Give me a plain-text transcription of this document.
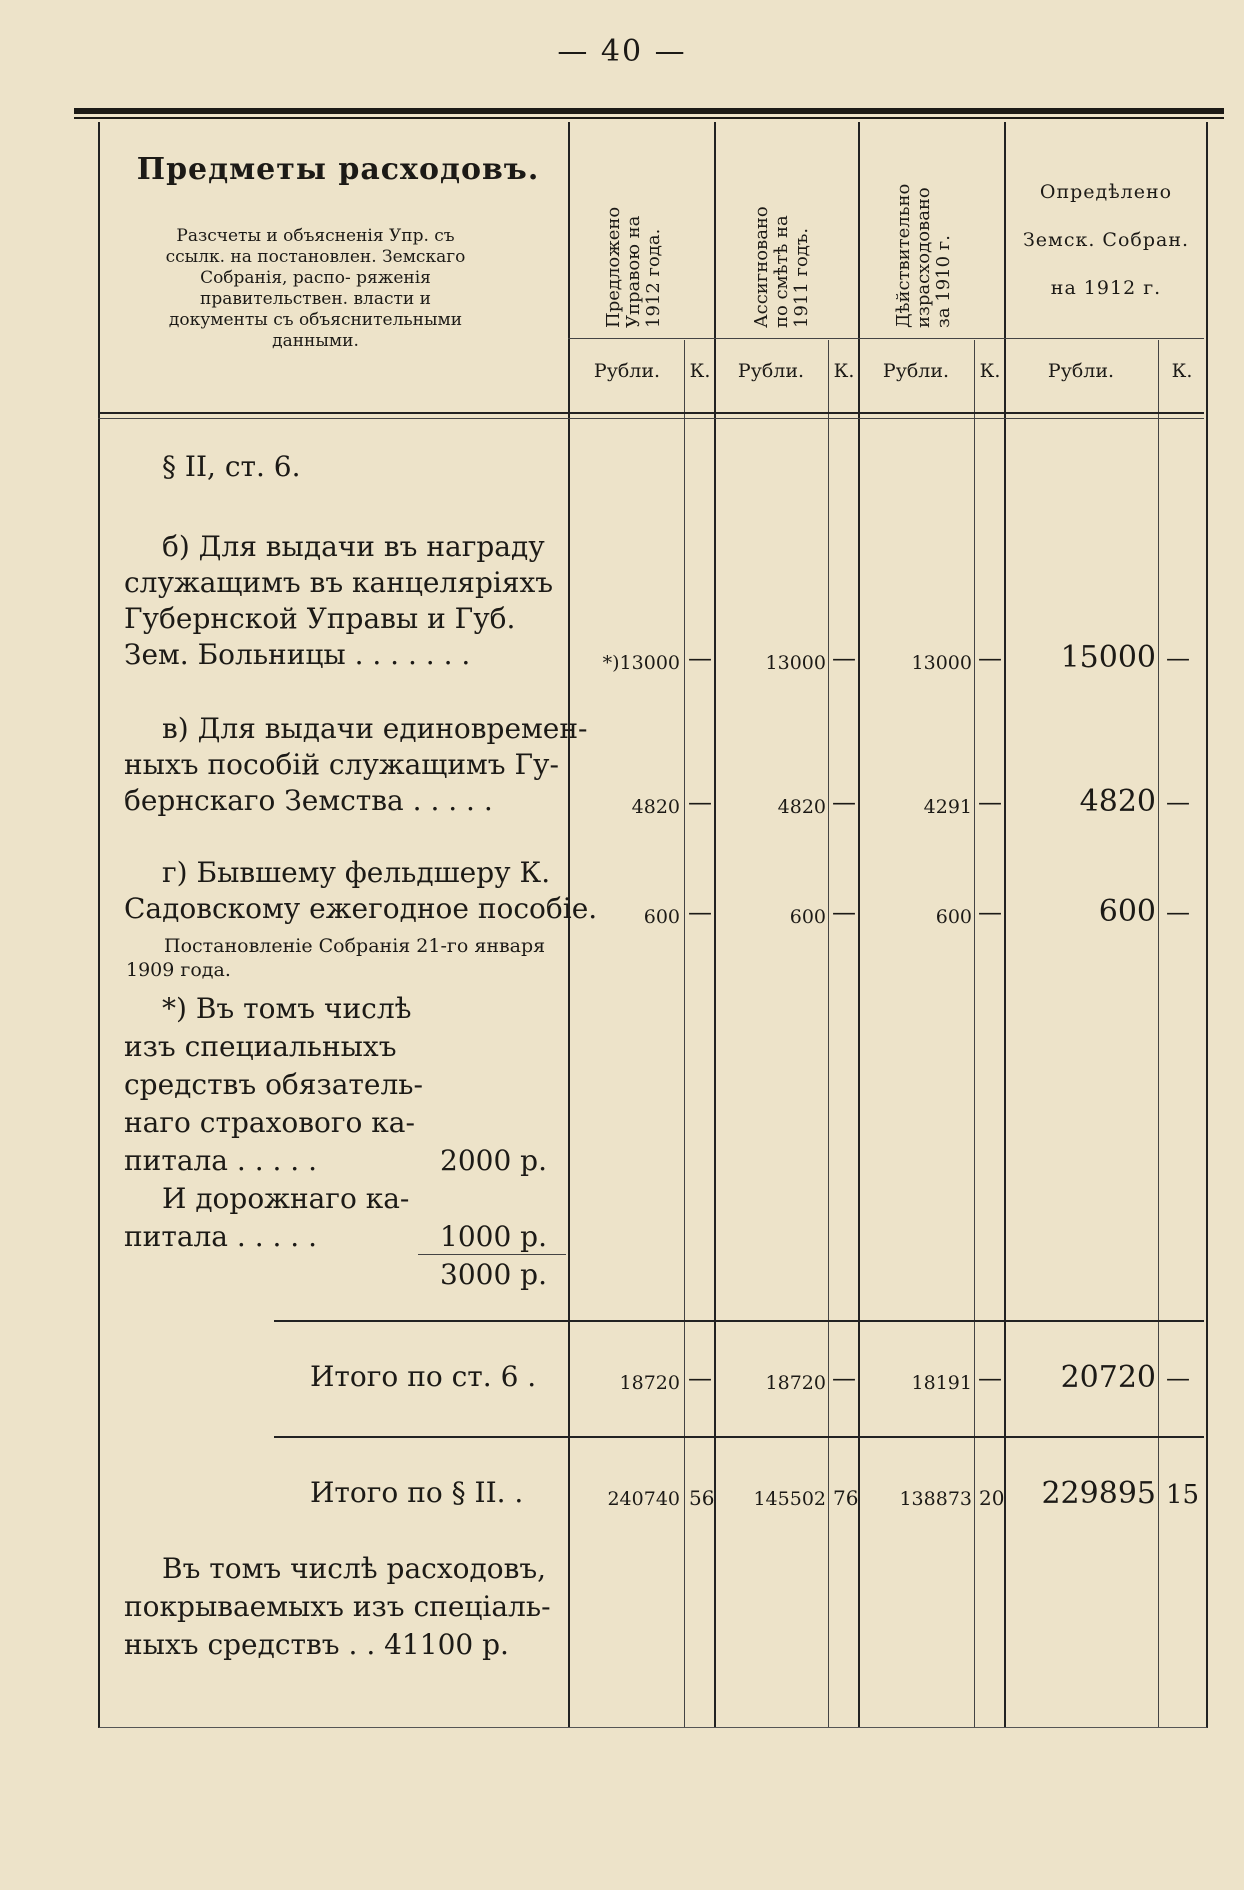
— 40 —
Предметы расходовъ.
Разсчеты и объясненія Упр. съ ссылк. на постановлен. Земскаго Собранія, распо- ряженія правительствен. власти и документы съ объяснительными данными.
Предложено
Управою на
1912 года.	Ассигновано
по смѣтѣ на
1911 годъ.	Дѣйствительно
израсходовано
за 1910 г.
Опредѣлено Земск. Собран. на 1912 г.
Рубли.	К.	Рубли.	К.	Рубли.	К.	Рубли.	К.
§ II, ст. 6.
б) Для выдачи въ награду
служащимъ въ канцеляріяхъ
Губернской Управы и Губ.
Зем. Больницы . . . . . . .	*)13000 —	13000 —	13000 —	15000 —
в) Для выдачи единовремен-
ныхъ пособій служащимъ Гу-
бернскаго Земства . . . . .	4820 —	4820 —	4291 —	4820 —
г) Бывшему фельдшеру К.
Садовскому ежегодное пособіе.
Постановленіе Собранія 21-го января
1909 года.
600 —	600 —	600 —	600 —
*) Въ томъ числѣ
изъ специальныхъ
средствъ обязатель-
наго страхового ка-
питала . . . . .	2000 р.
И дорожнаго ка-
питала . . . . .	1000 р.
3000 р.
Итого по ст. 6 .	18720 —	18720 —	18191 —	20720 —
Итого по § II. .	240740 56	145502 76	138873 20	229895 15
Въ томъ числѣ расходовъ,
покрываемыхъ изъ спеціаль-
ныхъ средствъ . . 41100 р.
